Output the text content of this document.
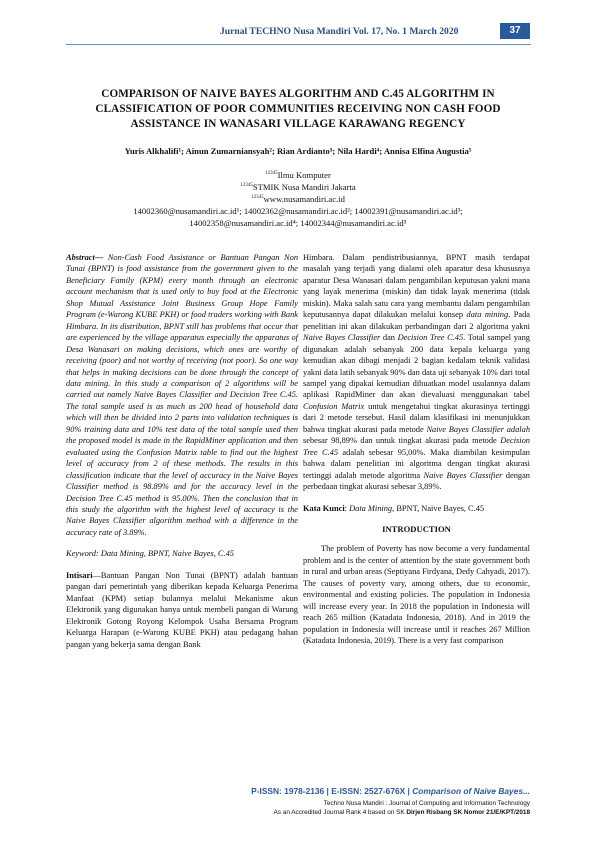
Jurnal TECHNO Nusa Mandiri Vol. 17, No. 1 March 2020	37
COMPARISON OF NAIVE BAYES ALGORITHM AND C.45 ALGORITHM IN CLASSIFICATION OF POOR COMMUNITIES RECEIVING NON CASH FOOD ASSISTANCE IN WANASARI VILLAGE KARAWANG REGENCY
Yuris Alkhalifi¹; Ainun Zumarniansyah²; Rian Ardianto³; Nila Hardi⁴; Annisa Elfina Augustia⁵
$^{12345}$Ilmu Komputer
$^{12345}$STMIK Nusa Mandiri Jakarta
$^{12345}$www.nusamandiri.ac.id
14002360@nusamandiri.ac.id¹; 14002362@nusamandiri.ac.id²; 14002391@nusamandiri.ac.id³;
14002358@nusamandiri.ac.id⁴; 14002344@nusamandiri.ac.id⁵

Abstract— Non-Cash Food Assistance or Bantuan Pangan Non Tunai (BPNT) is food assistance from the government given to the Beneficiary Family (KPM) every month through an electronic account mechanism that is used only to buy food at the Electronic Shop Mutual Assistance Joint Business Group Hope Family Program (e-Warong KUBE PKH) or food traders working with Bank Himbara. In its distribution, BPNT still has problems that occur that are experienced by the village apparatus especially the apparatus of Desa Wanasari on making decisions, which ones are worthy of receiving (poor) and not worthy of receiving (not poor). So one way that helps in making decisions can be done through the concept of data mining. In this study a comparison of 2 algorithms will be carried out namely Naive Bayes Classifier and Decision Tree C.45. The total sample used is as much as 200 head of household data which will then be divided into 2 parts into validation techniques is 90% training data and 10% test data of the total sample used then the proposed model is made in the RapidMiner application and then evaluated using the Confusion Matrix table to find out the highest level of accuracy from 2 of these methods. The results in this classification indicate that the level of accuracy in the Naive Bayes Classifier method is 98.89% and for the accuracy level in the Decision Tree C.45 method is 95.00%. Then the conclusion that in this study the algorithm with the highest level of accuracy is the Naive Bayes Classifier algorithm method with a difference in the accuracy rate of 3.89%.

Keyword: Data Mining, BPNT, Naive Bayes, C.45

Intisari—Bantuan Pangan Non Tunai (BPNT) adalah bantuan pangan dari pemerintah yang diberikan kepada Keluarga Penerima Manfaat (KPM) setiap bulannya melalui Mekanisme akun Elektronik yang digunakan hanya untuk membeli pangan di Warung Elektronik Gotong Royong Kelompok Usaha Bersama Program Keluarga Harapan (e-Warong KUBE PKH) atau pedagang bahan pangan yang bekerja sama dengan Bank

Himbara. Dalam pendistribusiannya, BPNT masih terdapat masalah yang terjadi yang dialami oleh aparatur desa khususnya aparatur Desa Wanasari dalam pengambilan keputusan yakni mana yang layak menerima (miskin) dan tidak layak menerima (tidak miskin). Maka salah satu cara yang membantu dalam pengambilan keputusannya dapat dilakukan melalui konsep data mining. Pada penelitian ini akan dilakukan perbandingan dari 2 algoritma yakni Naive Bayes Classifier dan Decision Tree C.45. Total sampel yang digunakan adalah sebanyak 200 data kepala keluarga yang kemudian akan dibagi menjadi 2 bagian kedalam teknik validasi yakni data latih sebanyak 90% dan data uji sebanyak 10% dari total sampel yang dipakai kemudian dibuatkan model usulannya dalam aplikasi RapidMiner dan akan dievaluasi menggunakan tabel Confusion Matrix untuk mengetahui tingkat akurasinya tertinggi dari 2 metode tersebut. Hasil dalam klasifikasi ini menunjukkan bahwa tingkat akurasi pada metode Naive Bayes Classifier adalah sebesar 98,89% dan untuk tingkat akurasi pada metode Decision Tree C.45 adalah sebesar 95,00%. Maka diambilan kesimpulan bahwa dalam penelitian ini algoritma dengan tingkat akurasi tertinggi adalah metode algoritma Naive Bayes Classifier dengan perbedaan tingkat akurasi sebesar 3,89%.

Kata Kunci: Data Mining, BPNT, Naive Bayes, C.45

INTRODUCTION

The problem of Poverty has now become a very fundamental problem and is the center of attention by the state government both in rural and urban areas (Septiyana Firdyana, Dedy Cahyadi, 2017). The causes of poverty vary, among others, due to economic, environmental and existing policies. The population in Indonesia will increase every year. In 2018 the population in Indonesia will reach 265 million (Katadata Indonesia, 2018). And in 2019 the population in Indonesia will increase until it reaches 267 Million (Katadata Indonesia, 2019). There is a very fast comparison

P-ISSN: 1978-2136 | E-ISSN: 2527-676X | Comparison of Naive Bayes...
Techno Nusa Mandiri : Journal of Computing and Information Technology
As an Accredited Journal Rank 4 based on SK Dirjen Risbang SK Nomor 21/E/KPT/2018
